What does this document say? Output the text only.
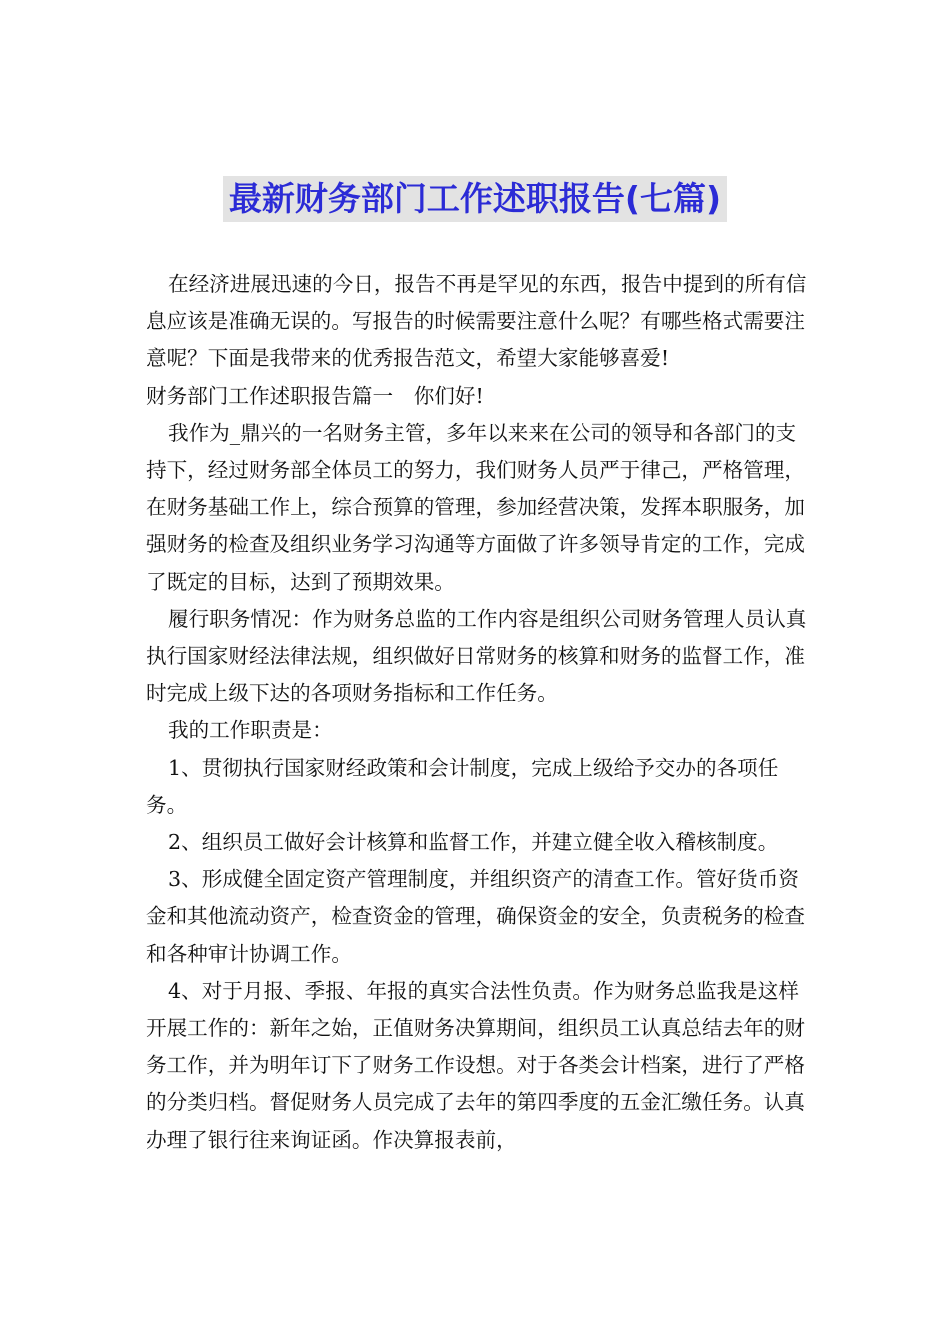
最新财务部门工作述职报告(七篇)

在经济进展迅速的今日，报告不再是罕见的东西，报告中提到的所有信息应该是准确无误的。写报告的时候需要注意什么呢？有哪些格式需要注意呢？下面是我带来的优秀报告范文，希望大家能够喜爱!

财务部门工作述职报告篇一　你们好!

我作为_鼎兴的一名财务主管，多年以来来在公司的领导和各部门的支持下，经过财务部全体员工的努力，我们财务人员严于律己，严格管理，在财务基础工作上，综合预算的管理，参加经营决策，发挥本职服务，加强财务的检查及组织业务学习沟通等方面做了许多领导肯定的工作，完成了既定的目标，达到了预期效果。

履行职务情况：作为财务总监的工作内容是组织公司财务管理人员认真执行国家财经法律法规，组织做好日常财务的核算和财务的监督工作，准时完成上级下达的各项财务指标和工作任务。

我的工作职责是：

1、贯彻执行国家财经政策和会计制度，完成上级给予交办的各项任务。

2、组织员工做好会计核算和监督工作，并建立健全收入稽核制度。

3、形成健全固定资产管理制度，并组织资产的清查工作。管好货币资金和其他流动资产，检查资金的管理，确保资金的安全，负责税务的检查和各种审计协调工作。

4、对于月报、季报、年报的真实合法性负责。作为财务总监我是这样开展工作的：新年之始，正值财务决算期间，组织员工认真总结去年的财务工作，并为明年订下了财务工作设想。对于各类会计档案，进行了严格的分类归档。督促财务人员完成了去年的第四季度的五金汇缴任务。认真办理了银行往来询证函。作决算报表前，
